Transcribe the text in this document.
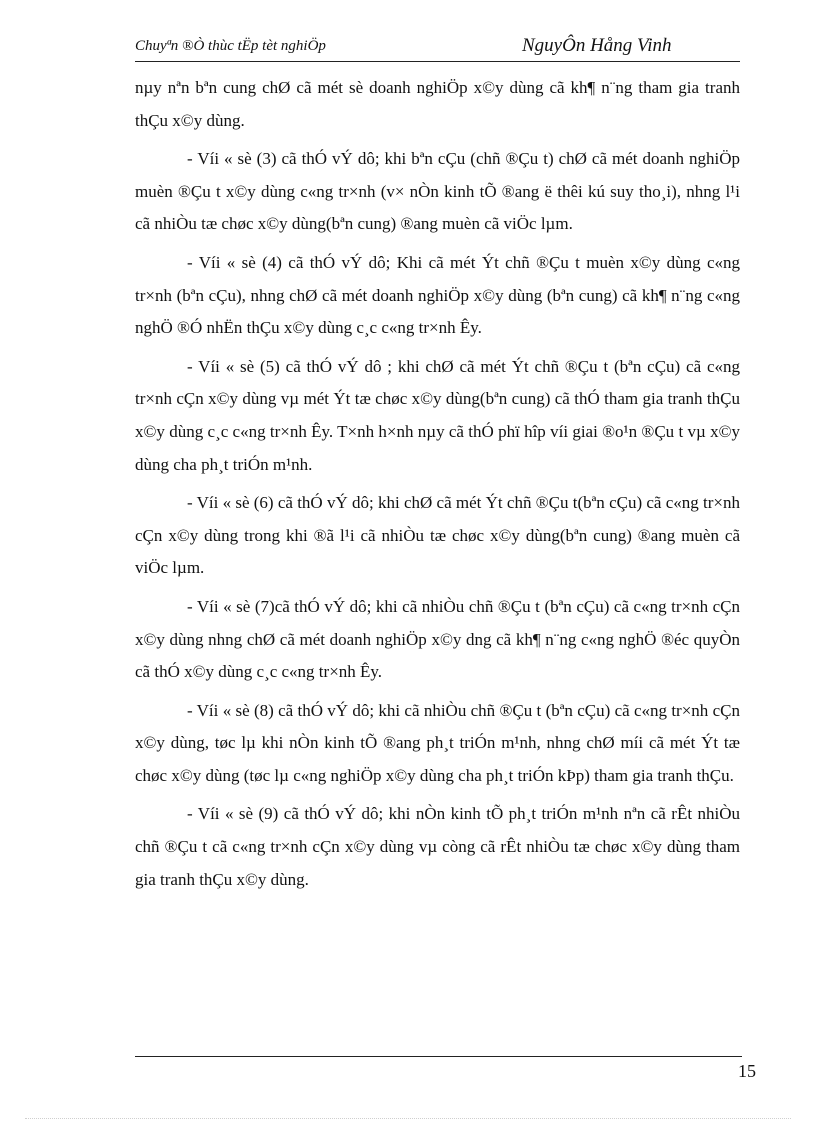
Chuyªn ®Ò thùc tËp tèt nghiÖp	NguyÔn Hång Vinh

nµy nªn bªn cung chØ cã mét sè doanh nghiÖp x©y dùng cã kh¶ n¨ng tham gia tranh thÇu x©y dùng.

- Víi « sè (3) cã thÓ vÝ dô; khi bªn cÇu (chñ ®Çu t) chØ cã mét doanh nghiÖp muèn ®Çu t x©y dùng c«ng tr×nh (v× nÒn kinh tÕ ®ang ë thêi kú suy tho¸i), nhng l¹i cã nhiÒu tæ chøc x©y dùng(bªn cung) ®ang muèn cã viÖc lµm.

- Víi « sè (4) cã thÓ vÝ dô; Khi cã mét Ýt chñ ®Çu t muèn x©y dùng c«ng tr×nh (bªn cÇu), nhng chØ cã mét doanh nghiÖp x©y dùng (bªn cung) cã kh¶ n¨ng c«ng nghÖ ®Ó nhËn thÇu x©y dùng c¸c c«ng tr×nh Êy.

- Víi « sè (5) cã thÓ vÝ dô ; khi chØ cã mét Ýt chñ ®Çu t (bªn cÇu) cã c«ng tr×nh cÇn x©y dùng vµ mét Ýt tæ chøc x©y dùng(bªn cung) cã thÓ tham gia tranh thÇu x©y dùng c¸c c«ng tr×nh Êy. T×nh h×nh nµy cã thÓ phï hîp víi giai ®o¹n ®Çu t vµ x©y dùng cha ph¸t triÓn m¹nh.

- Víi « sè (6) cã thÓ vÝ dô; khi chØ cã mét Ýt chñ ®Çu t(bªn cÇu) cã c«ng tr×nh cÇn x©y dùng trong khi ®ã l¹i cã nhiÒu tæ chøc x©y dùng(bªn cung) ®ang muèn cã viÖc lµm.

- Víi « sè (7)cã thÓ vÝ dô; khi cã nhiÒu chñ ®Çu t (bªn cÇu) cã c«ng tr×nh cÇn x©y dùng nhng chØ cã mét doanh nghiÖp x©y dng cã kh¶ n¨ng c«ng nghÖ ®éc quyÒn cã thÓ x©y dùng c¸c c«ng tr×nh Êy.

- Víi « sè (8) cã thÓ vÝ dô; khi cã nhiÒu chñ ®Çu t (bªn cÇu) cã c«ng tr×nh cÇn x©y dùng, tøc lµ khi nÒn kinh tÕ ®ang ph¸t triÓn m¹nh, nhng chØ míi cã mét Ýt tæ chøc x©y dùng (tøc lµ c«ng nghiÖp x©y dùng cha ph¸t triÓn kÞp) tham gia tranh thÇu.

- Víi « sè (9) cã thÓ vÝ dô; khi nÒn kinh tÕ ph¸t triÓn m¹nh nªn cã rÊt nhiÒu chñ ®Çu t cã c«ng tr×nh cÇn x©y dùng vµ còng cã rÊt nhiÒu tæ chøc x©y dùng tham gia tranh thÇu x©y dùng.

15
